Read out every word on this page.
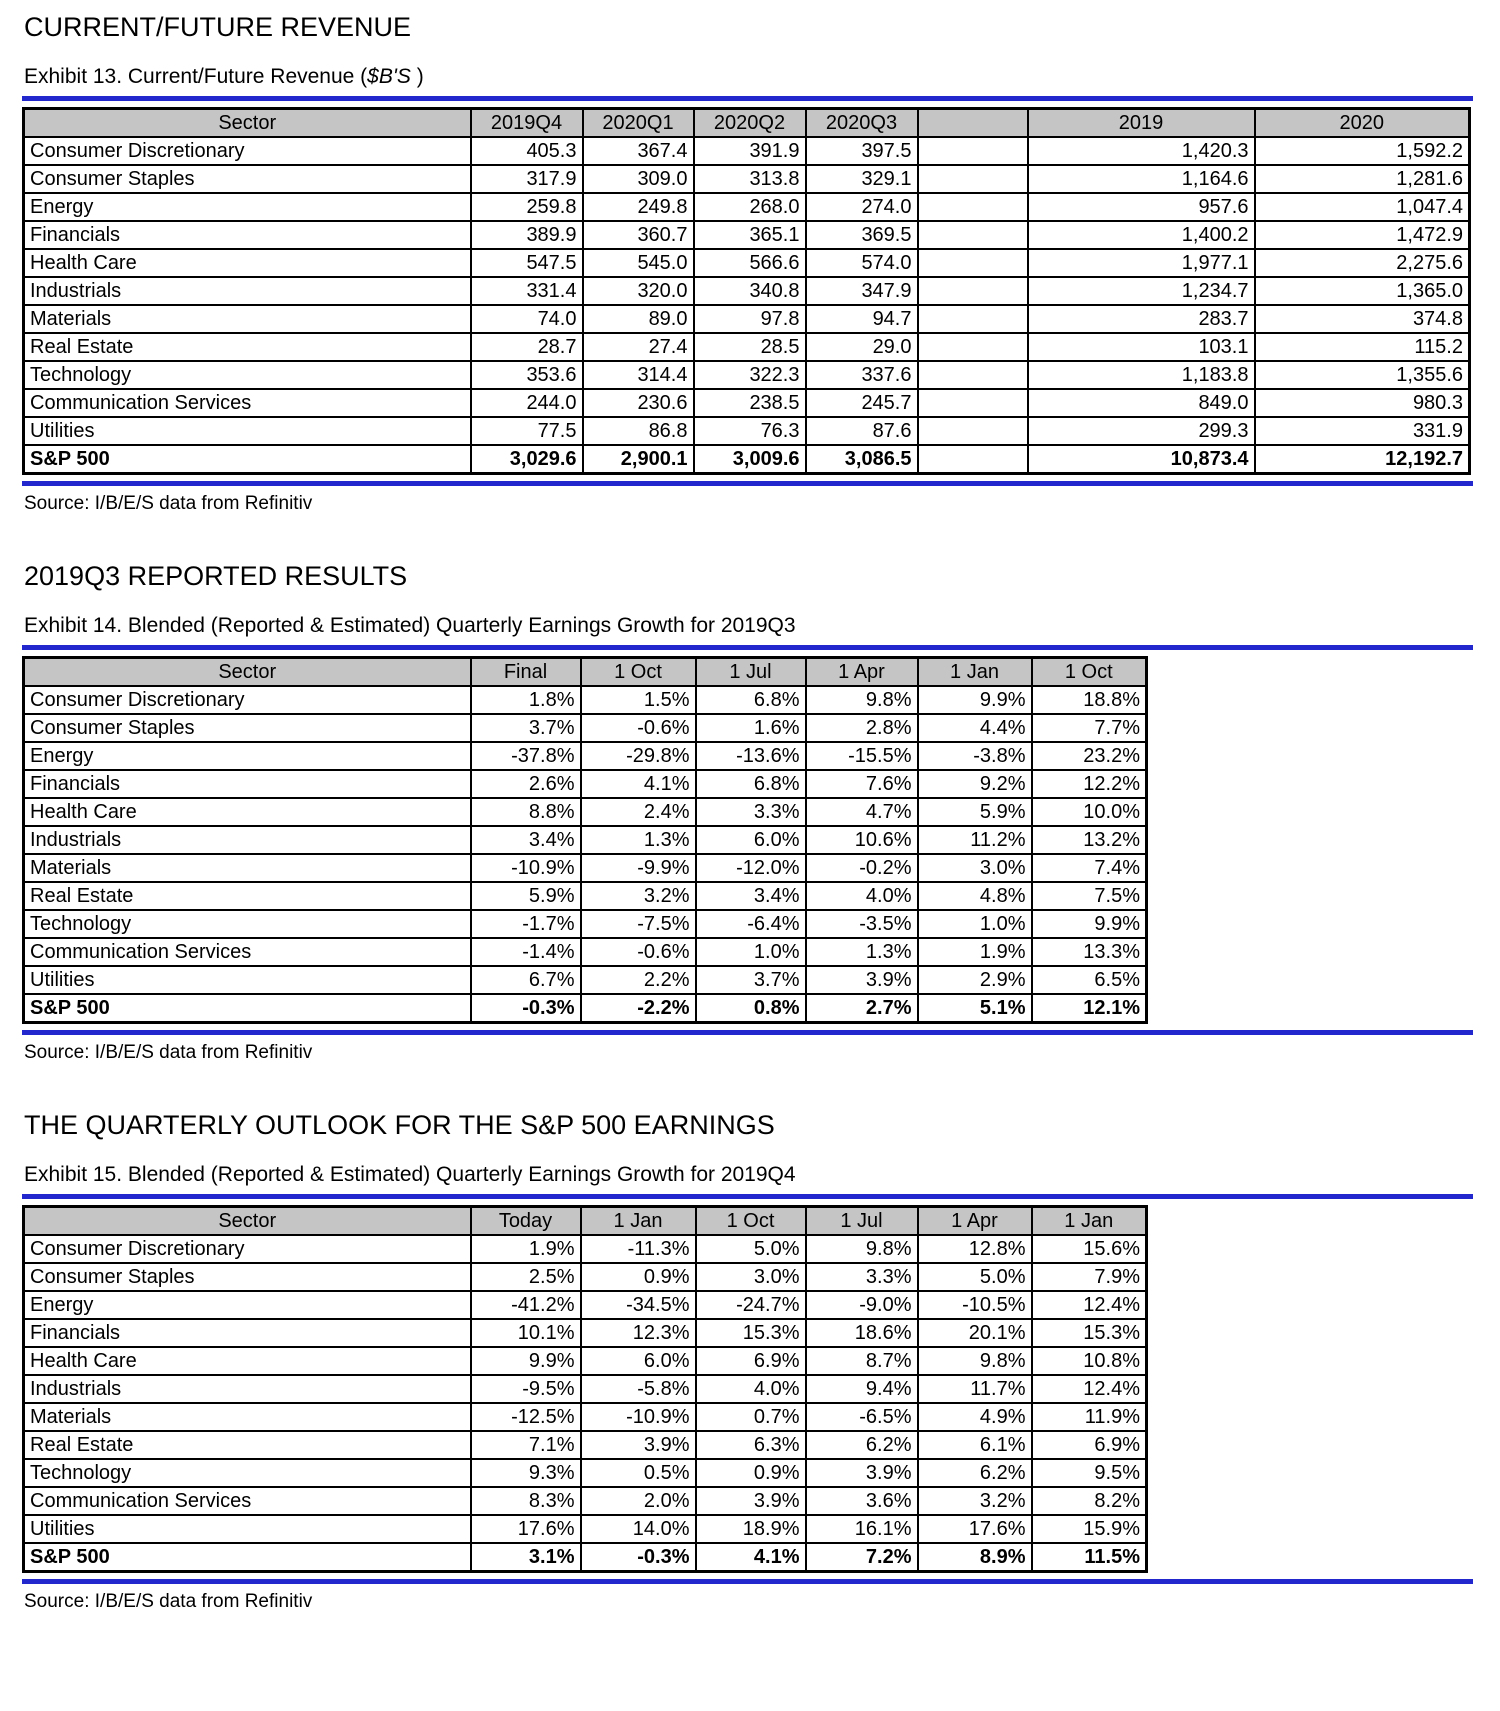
CURRENT/FUTURE REVENUE
Exhibit 13. Current/Future Revenue ($B'S )
Sector	2019Q4	2020Q1	2020Q2	2020Q3		2019	2020
Consumer Discretionary	405.3	367.4	391.9	397.5		1,420.3	1,592.2
Consumer Staples	317.9	309.0	313.8	329.1		1,164.6	1,281.6
Energy	259.8	249.8	268.0	274.0		957.6	1,047.4
Financials	389.9	360.7	365.1	369.5		1,400.2	1,472.9
Health Care	547.5	545.0	566.6	574.0		1,977.1	2,275.6
Industrials	331.4	320.0	340.8	347.9		1,234.7	1,365.0
Materials	74.0	89.0	97.8	94.7		283.7	374.8
Real Estate	28.7	27.4	28.5	29.0		103.1	115.2
Technology	353.6	314.4	322.3	337.6		1,183.8	1,355.6
Communication Services	244.0	230.6	238.5	245.7		849.0	980.3
Utilities	77.5	86.8	76.3	87.6		299.3	331.9
S&P 500	3,029.6	2,900.1	3,009.6	3,086.5		10,873.4	12,192.7
Source: I/B/E/S data from Refinitiv
2019Q3 REPORTED RESULTS
Exhibit 14. Blended (Reported & Estimated) Quarterly Earnings Growth for 2019Q3
Sector	Final	1 Oct	1 Jul	1 Apr	1 Jan	1 Oct
Consumer Discretionary	1.8%	1.5%	6.8%	9.8%	9.9%	18.8%
Consumer Staples	3.7%	-0.6%	1.6%	2.8%	4.4%	7.7%
Energy	-37.8%	-29.8%	-13.6%	-15.5%	-3.8%	23.2%
Financials	2.6%	4.1%	6.8%	7.6%	9.2%	12.2%
Health Care	8.8%	2.4%	3.3%	4.7%	5.9%	10.0%
Industrials	3.4%	1.3%	6.0%	10.6%	11.2%	13.2%
Materials	-10.9%	-9.9%	-12.0%	-0.2%	3.0%	7.4%
Real Estate	5.9%	3.2%	3.4%	4.0%	4.8%	7.5%
Technology	-1.7%	-7.5%	-6.4%	-3.5%	1.0%	9.9%
Communication Services	-1.4%	-0.6%	1.0%	1.3%	1.9%	13.3%
Utilities	6.7%	2.2%	3.7%	3.9%	2.9%	6.5%
S&P 500	-0.3%	-2.2%	0.8%	2.7%	5.1%	12.1%
Source: I/B/E/S data from Refinitiv
THE QUARTERLY OUTLOOK FOR THE S&P 500 EARNINGS
Exhibit 15. Blended (Reported & Estimated) Quarterly Earnings Growth for 2019Q4
Sector	Today	1 Jan	1 Oct	1 Jul	1 Apr	1 Jan
Consumer Discretionary	1.9%	-11.3%	5.0%	9.8%	12.8%	15.6%
Consumer Staples	2.5%	0.9%	3.0%	3.3%	5.0%	7.9%
Energy	-41.2%	-34.5%	-24.7%	-9.0%	-10.5%	12.4%
Financials	10.1%	12.3%	15.3%	18.6%	20.1%	15.3%
Health Care	9.9%	6.0%	6.9%	8.7%	9.8%	10.8%
Industrials	-9.5%	-5.8%	4.0%	9.4%	11.7%	12.4%
Materials	-12.5%	-10.9%	0.7%	-6.5%	4.9%	11.9%
Real Estate	7.1%	3.9%	6.3%	6.2%	6.1%	6.9%
Technology	9.3%	0.5%	0.9%	3.9%	6.2%	9.5%
Communication Services	8.3%	2.0%	3.9%	3.6%	3.2%	8.2%
Utilities	17.6%	14.0%	18.9%	16.1%	17.6%	15.9%
S&P 500	3.1%	-0.3%	4.1%	7.2%	8.9%	11.5%
Source: I/B/E/S data from Refinitiv
